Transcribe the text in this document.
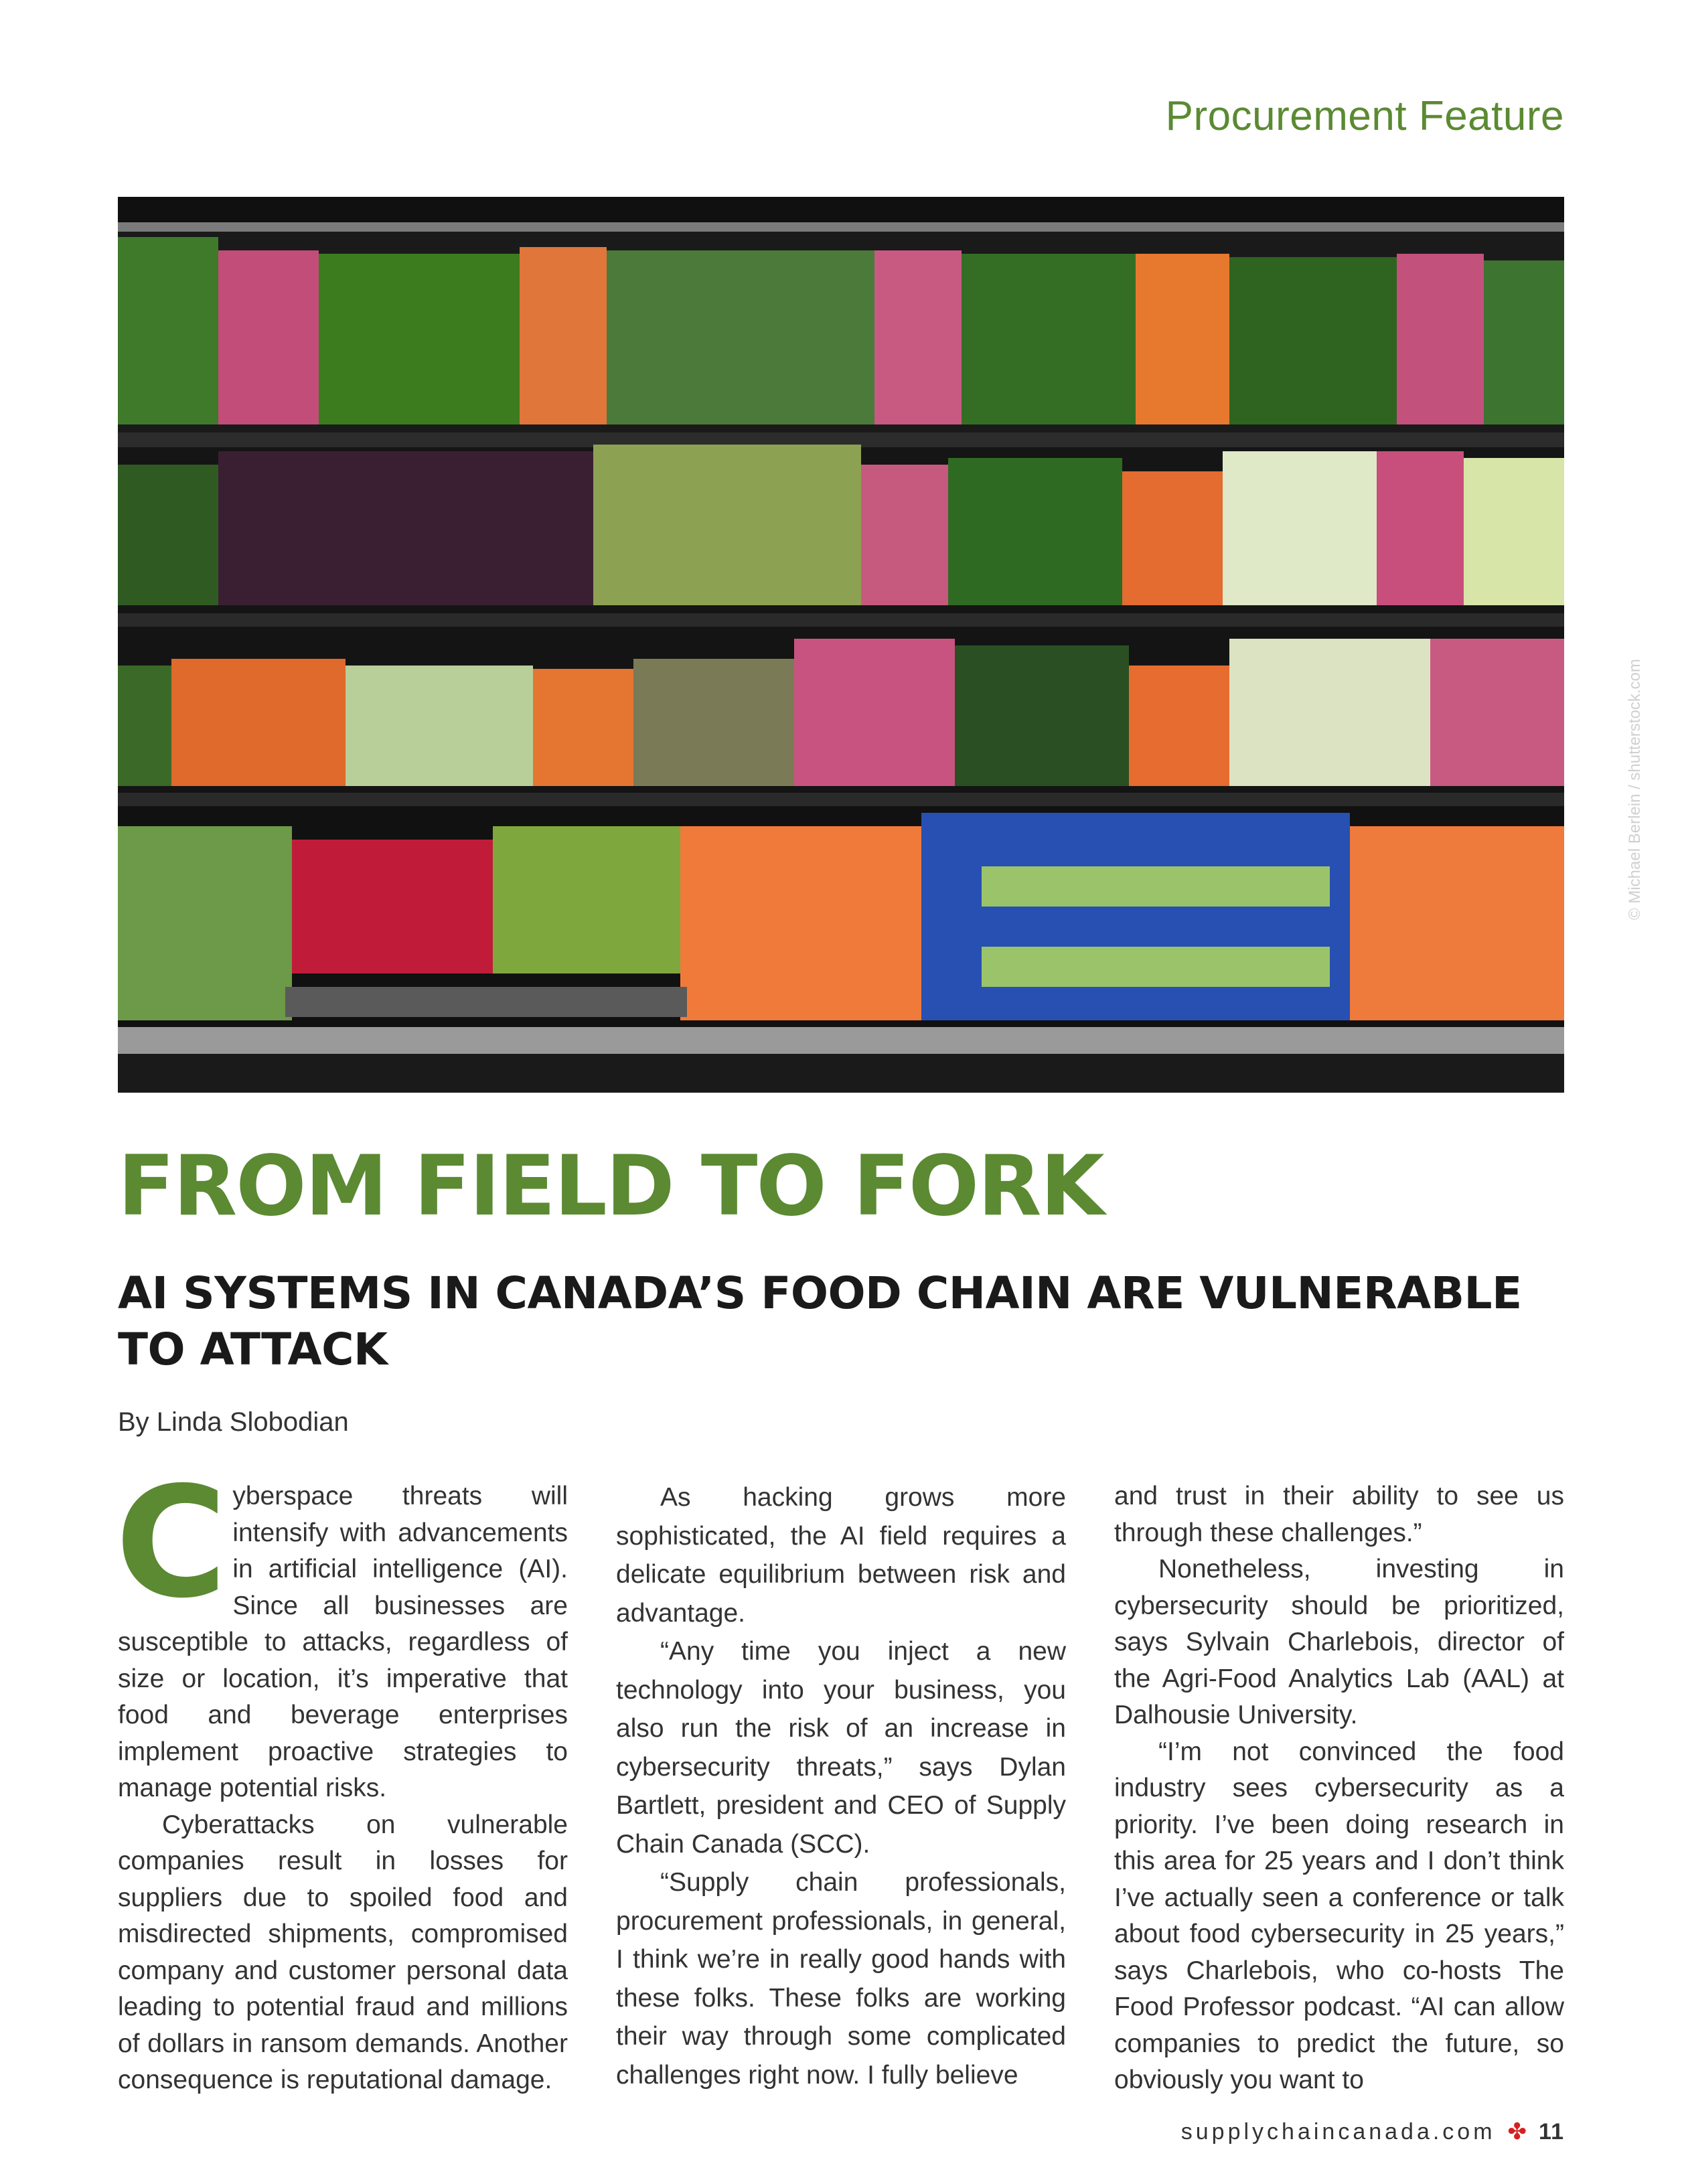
Procurement Feature
© Michael Berlein / shutterstock.com
FROM FIELD TO FORK
AI SYSTEMS IN CANADA’S FOOD CHAIN ARE VULNERABLE TO ATTACK
By Linda Slobodian

Cyberspace threats will intensify with advancements in artificial intelligence (AI). Since all businesses are susceptible to attacks, regardless of size or location, it’s imperative that food and beverage enterprises implement proactive strategies to manage potential risks.

Cyberattacks on vulnerable companies result in losses for suppliers due to spoiled food and misdirected shipments, compromised company and customer personal data leading to potential fraud and millions of dollars in ransom demands. Another consequence is reputational damage.

As hacking grows more sophisticated, the AI field requires a delicate equilibrium between risk and advantage.

“Any time you inject a new technology into your business, you also run the risk of an increase in cybersecurity threats,” says Dylan Bartlett, president and CEO of Supply Chain Canada (SCC).

“Supply chain professionals, procurement professionals, in general, I think we’re in really good hands with these folks. These folks are working their way through some complicated challenges right now. I fully believe

and trust in their ability to see us through these challenges.”

Nonetheless, investing in cybersecurity should be prioritized, says Sylvain Charlebois, director of the Agri-Food Analytics Lab (AAL) at Dalhousie University.

“I’m not convinced the food industry sees cybersecurity as a priority. I’ve been doing research in this area for 25 years and I don’t think I’ve actually seen a conference or talk about food cybersecurity in 25 years,” says Charlebois, who co-hosts The Food Professor podcast. “AI can allow companies to predict the future, so obviously you want to

supplychaincanada.com ✤ 11
